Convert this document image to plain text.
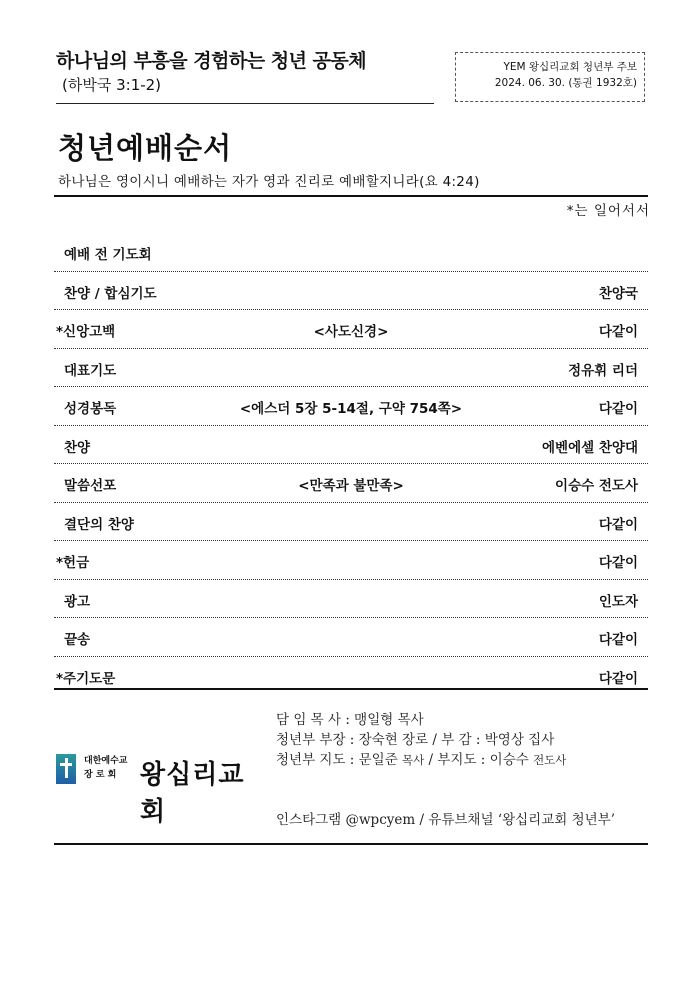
하나님의 부흥을 경험하는 청년 공동체
(하박국 3:1-2)
YEM 왕십리교회 청년부 주보
2024. 06. 30. (통권 1932호)
청년예배순서
하나님은 영이시니 예배하는 자가 영과 진리로 예배할지니라(요 4:24)
*는 일어서서
예배 전 기도회
찬양 / 합심기도	찬양국
*신앙고백	<사도신경>	다같이
대표기도	정유휘 리더
성경봉독	<에스더 5장 5-14절, 구약 754쪽>	다같이
찬양	에벤에셀 찬양대
말씀선포	<만족과 불만족>	이승수 전도사
결단의 찬양	다같이
*헌금	다같이
광고	인도자
끝송	다같이
*주기도문	다같이
대한예수교
장 로 회 왕십리교회
담 임 목 사 : 맹일형 목사
청년부 부장 : 장숙현 장로 / 부 감 : 박영상 집사
청년부 지도 : 문일준 목사 / 부지도 : 이승수 전도사
인스타그램 @wpcyem / 유튜브채널 ‘왕십리교회 청년부’
